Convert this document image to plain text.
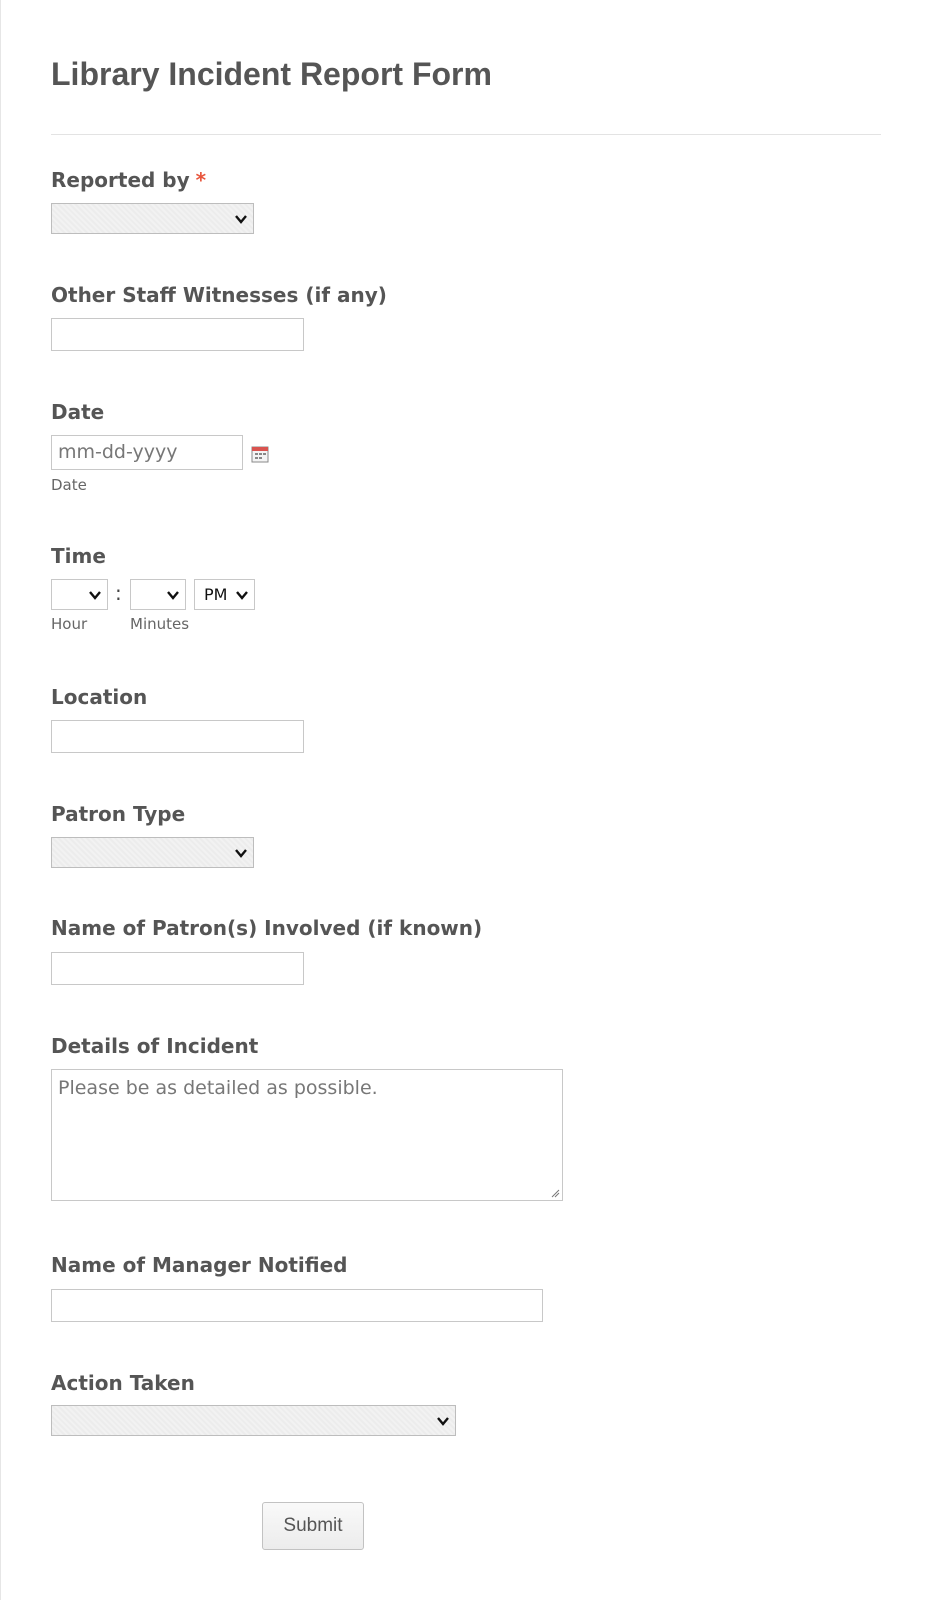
Library Incident Report Form
Reported by *
Other Staff Witnesses (if any)
Date
mm-dd-yyyy
Date
Time
:	PM
Hour	Minutes
Location
Patron Type
Name of Patron(s) Involved (if known)
Details of Incident
Please be as detailed as possible.
Name of Manager Notified
Action Taken
Submit
